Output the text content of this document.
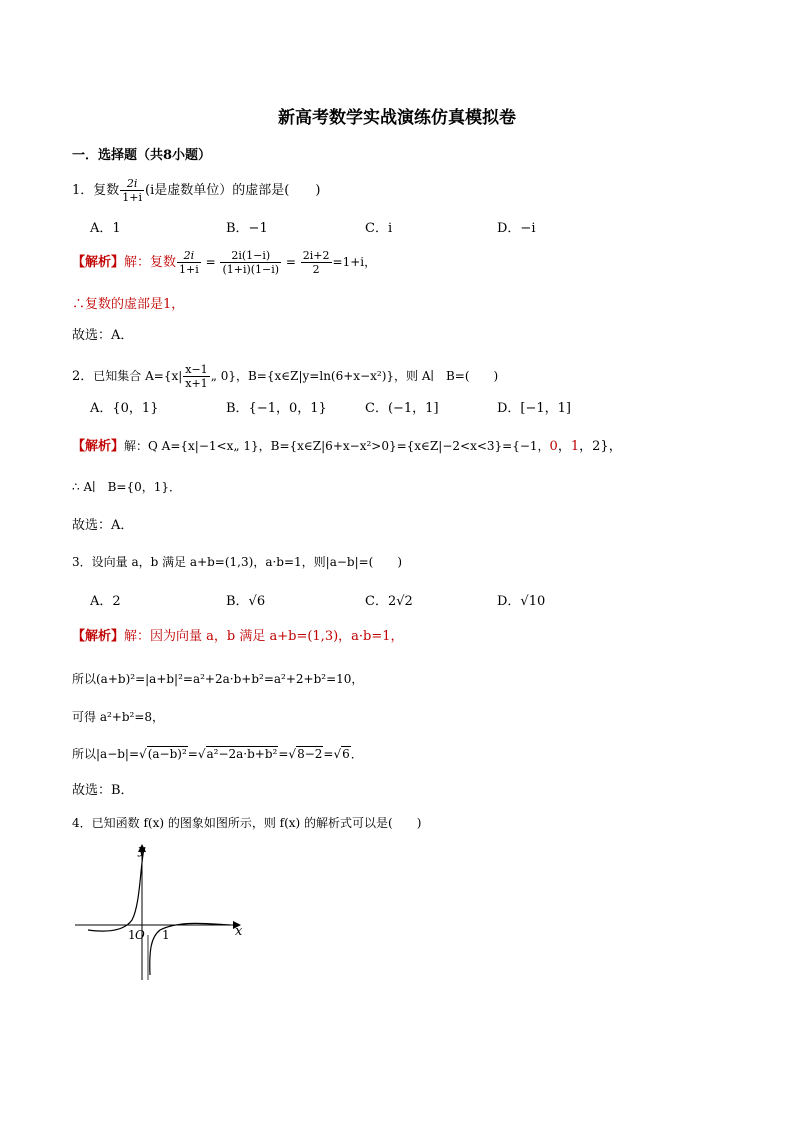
新高考数学实战演练仿真模拟卷
一．选择题（共8小题）
1．复数 $\frac{2i}{1+i} (i$是虚数单位）的虚部是(　　)
A．1	B．−1	C．i	D．−i
【解析】解：复数 $\frac{2i}{1+i} = \frac{2i(1-i)}{(1+i)(1-i)} = \frac{2i+2}{2} =1+i$，
∴复数的虚部是1，
故选：A．
2．已知集合 $A=\{x| \frac{x-1}{x+1}$ „ 0}，B={x∈Z|y=ln(6+x−x²)}，则 A∣　B=(　　)
A．{0，1}	B．{−1，0，1}	C．(−1，1]	D．[−1，1]
【解析】解：Q A={x|−1<x„ 1}，B={x∈Z|6+x−x²>0}={x∈Z|−2<x<3}={−1，0，1，2}，
∴ A∣　B={0，1}．
故选：A．
3．设向量 a，b 满足 a+b=(1,3)，a·b=1，则|a−b|=(　　)
A．2	B．√6	C．2√2	D．√10
【解析】解：因为向量 a，b 满足 a+b=(1,3)，a·b=1，
所以(a+b)²=|a+b|²=a²+2a·b+b²=a²+2+b²=10，
可得 a²+b²=8，
所以|a−b|=√(a−b)²=√a²−2a·b+b²=√8−2=√6．
故选：B．
4．已知函数 f(x) 的图象如图所示，则 f(x) 的解析式可以是(　　)
x
y
1 O 1
